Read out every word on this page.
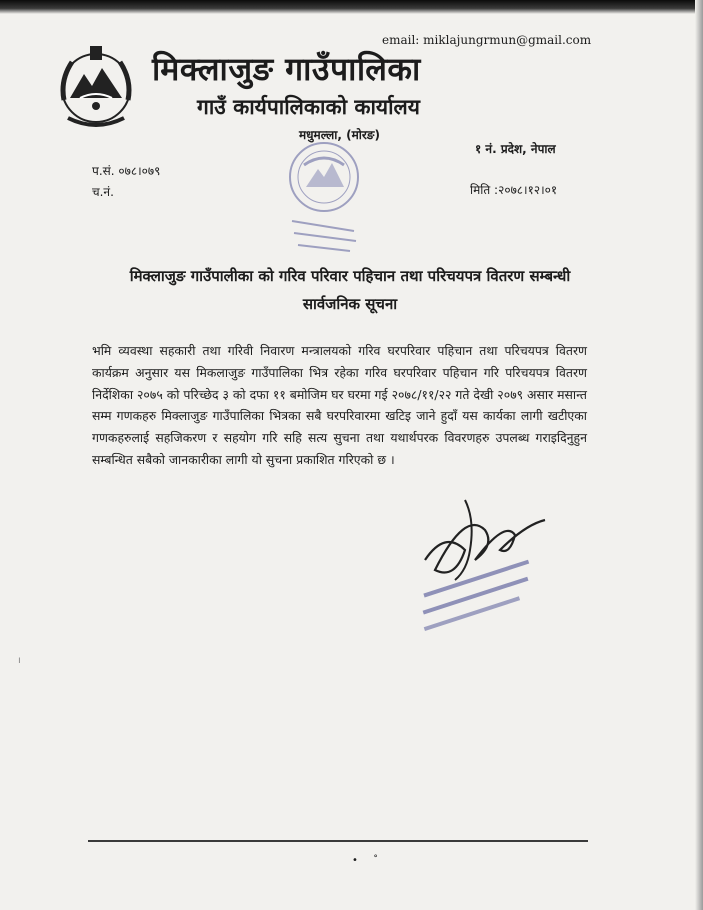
email: miklajungrmun@gmail.com
मिक्लाजुङ गाउँपालिका
गाउँ कार्यपालिकाको कार्यालय
मधुमल्ला, (मोरङ)
१ नं. प्रदेश, नेपाल
प.सं. ०७८।०७९
च.नं.	मिति :२०७८।१२।०१
मिक्लाजुङ गाउँपालीका को गरिव परिवार पहिचान तथा परिचयपत्र वितरण सम्बन्धी
सार्वजनिक सूचना
भमि व्यवस्था सहकारी तथा गरिवी निवारण मन्त्रालयको गरिव घरपरिवार पहिचान तथा परिचयपत्र वितरण कार्यक्रम अनुसार यस मिकलाजुङ गाउँपालिका भित्र रहेका गरिव घरपरिवार पहिचान गरि परिचयपत्र वितरण निर्देशिका २०७५ को परिच्छेद ३ को दफा ११ बमोजिम घर घरमा गई २०७८/११/२२ गते देखी २०७९ असार मसान्त सम्म गणकहरु मिक्लाजुङ गाउँपालिका भित्रका सबै घरपरिवारमा खटिइ जाने हुदाँ यस कार्यका लागी खटीएका गणकहरुलाई सहजिकरण र सहयोग गरि सहि सत्य सुचना तथा यथार्थपरक विवरणहरु उपलब्ध गराइदिनुहुन सम्बन्धित सबैको जानकारीका लागी यो सुचना प्रकाशित गरिएको छ ।
ı
• ˚
